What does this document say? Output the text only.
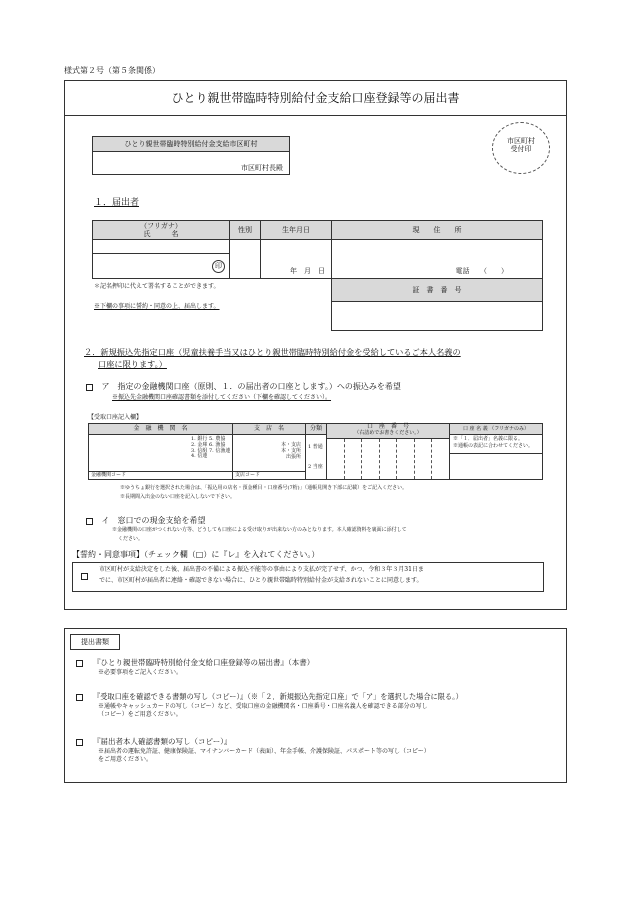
様式第２号（第５条関係）
ひとり親世帯臨時特別給付金支給口座登録等の届出書
市区町村
受付印
ひとり親世帯臨時特別給付金支給市区町村
市区町村長殿
１．届出者
（フリガナ）
氏　　　名
印
性別	生年月日
年　月　日
現　　住　　所
電話　　（　　）
証　書　番　号
＊記名押印に代えて署名することができます。
※下欄の事項に誓約・同意の上、届出します。
２．新規振込先指定口座（児童扶養手当又はひとり親世帯臨時特別給付金を受給しているご本人名義の
口座に限ります。）
ア　指定の金融機関口座（原則、１．の届出者の口座とします。）への振込みを希望
※振込先金融機関口座確認書類を添付してください（下欄を確認してください）。
【受取口座記入欄】
金　融　機　関　名
1. 銀行
2. 金庫
3. 信組
4. 信連
5. 農協
6. 漁協
7. 信漁連
金融機関コード
支　店　名
本・支店
本・支所
出張所
支店コード
分類
1 普通
2 当座
口　座　番　号
（右詰めでお書きください。）
口 座 名 義 （フリガナのみ）
※「１．届出者」名義に限る。
※通帳の表記に合わせてください。
※ゆうちょ銀行を選択された場合は、「振込用の店名・預金種目・口座番号(7桁)」（通帳見開き下部に記載）をご記入ください。
※長期間入出金のない口座を記入しないで下さい。
イ　窓口での現金支給を希望
※金融機関の口座がつくれない方等、どうしても口座による受け取りが出来ない方のみとなります。本人確認資料を裏面に添付して
ください。
【誓約・同意事項】（チェック欄（□）に『レ』を入れてください。）
市区町村が支給決定をした後、届出書の不備による振込不能等の事由により支払が完了せず、かつ、令和３年３月31日ま
でに、市区町村が届出者に連絡・確認できない場合に、ひとり親世帯臨時特別給付金が支給されないことに同意します。
提出書類
『ひとり親世帯臨時特別給付金支給口座登録等の届出書』（本書）
※必要事項をご記入ください。
『受取口座を確認できる書類の写し（コピー）』（※「２．新規振込先指定口座」で「ア」を選択した場合に限る。）
※通帳やキャッシュカードの写し（コピー）など、受取口座の金融機関名・口座番号・口座名義人を確認できる部分の写し
（コピー）をご用意ください。
『届出者本人確認書類の写し（コピー）』
※届出者の運転免許証、健康保険証、マイナンバーカード（表面）、年金手帳、介護保険証、パスポート等の写し（コピー）
をご用意ください。
